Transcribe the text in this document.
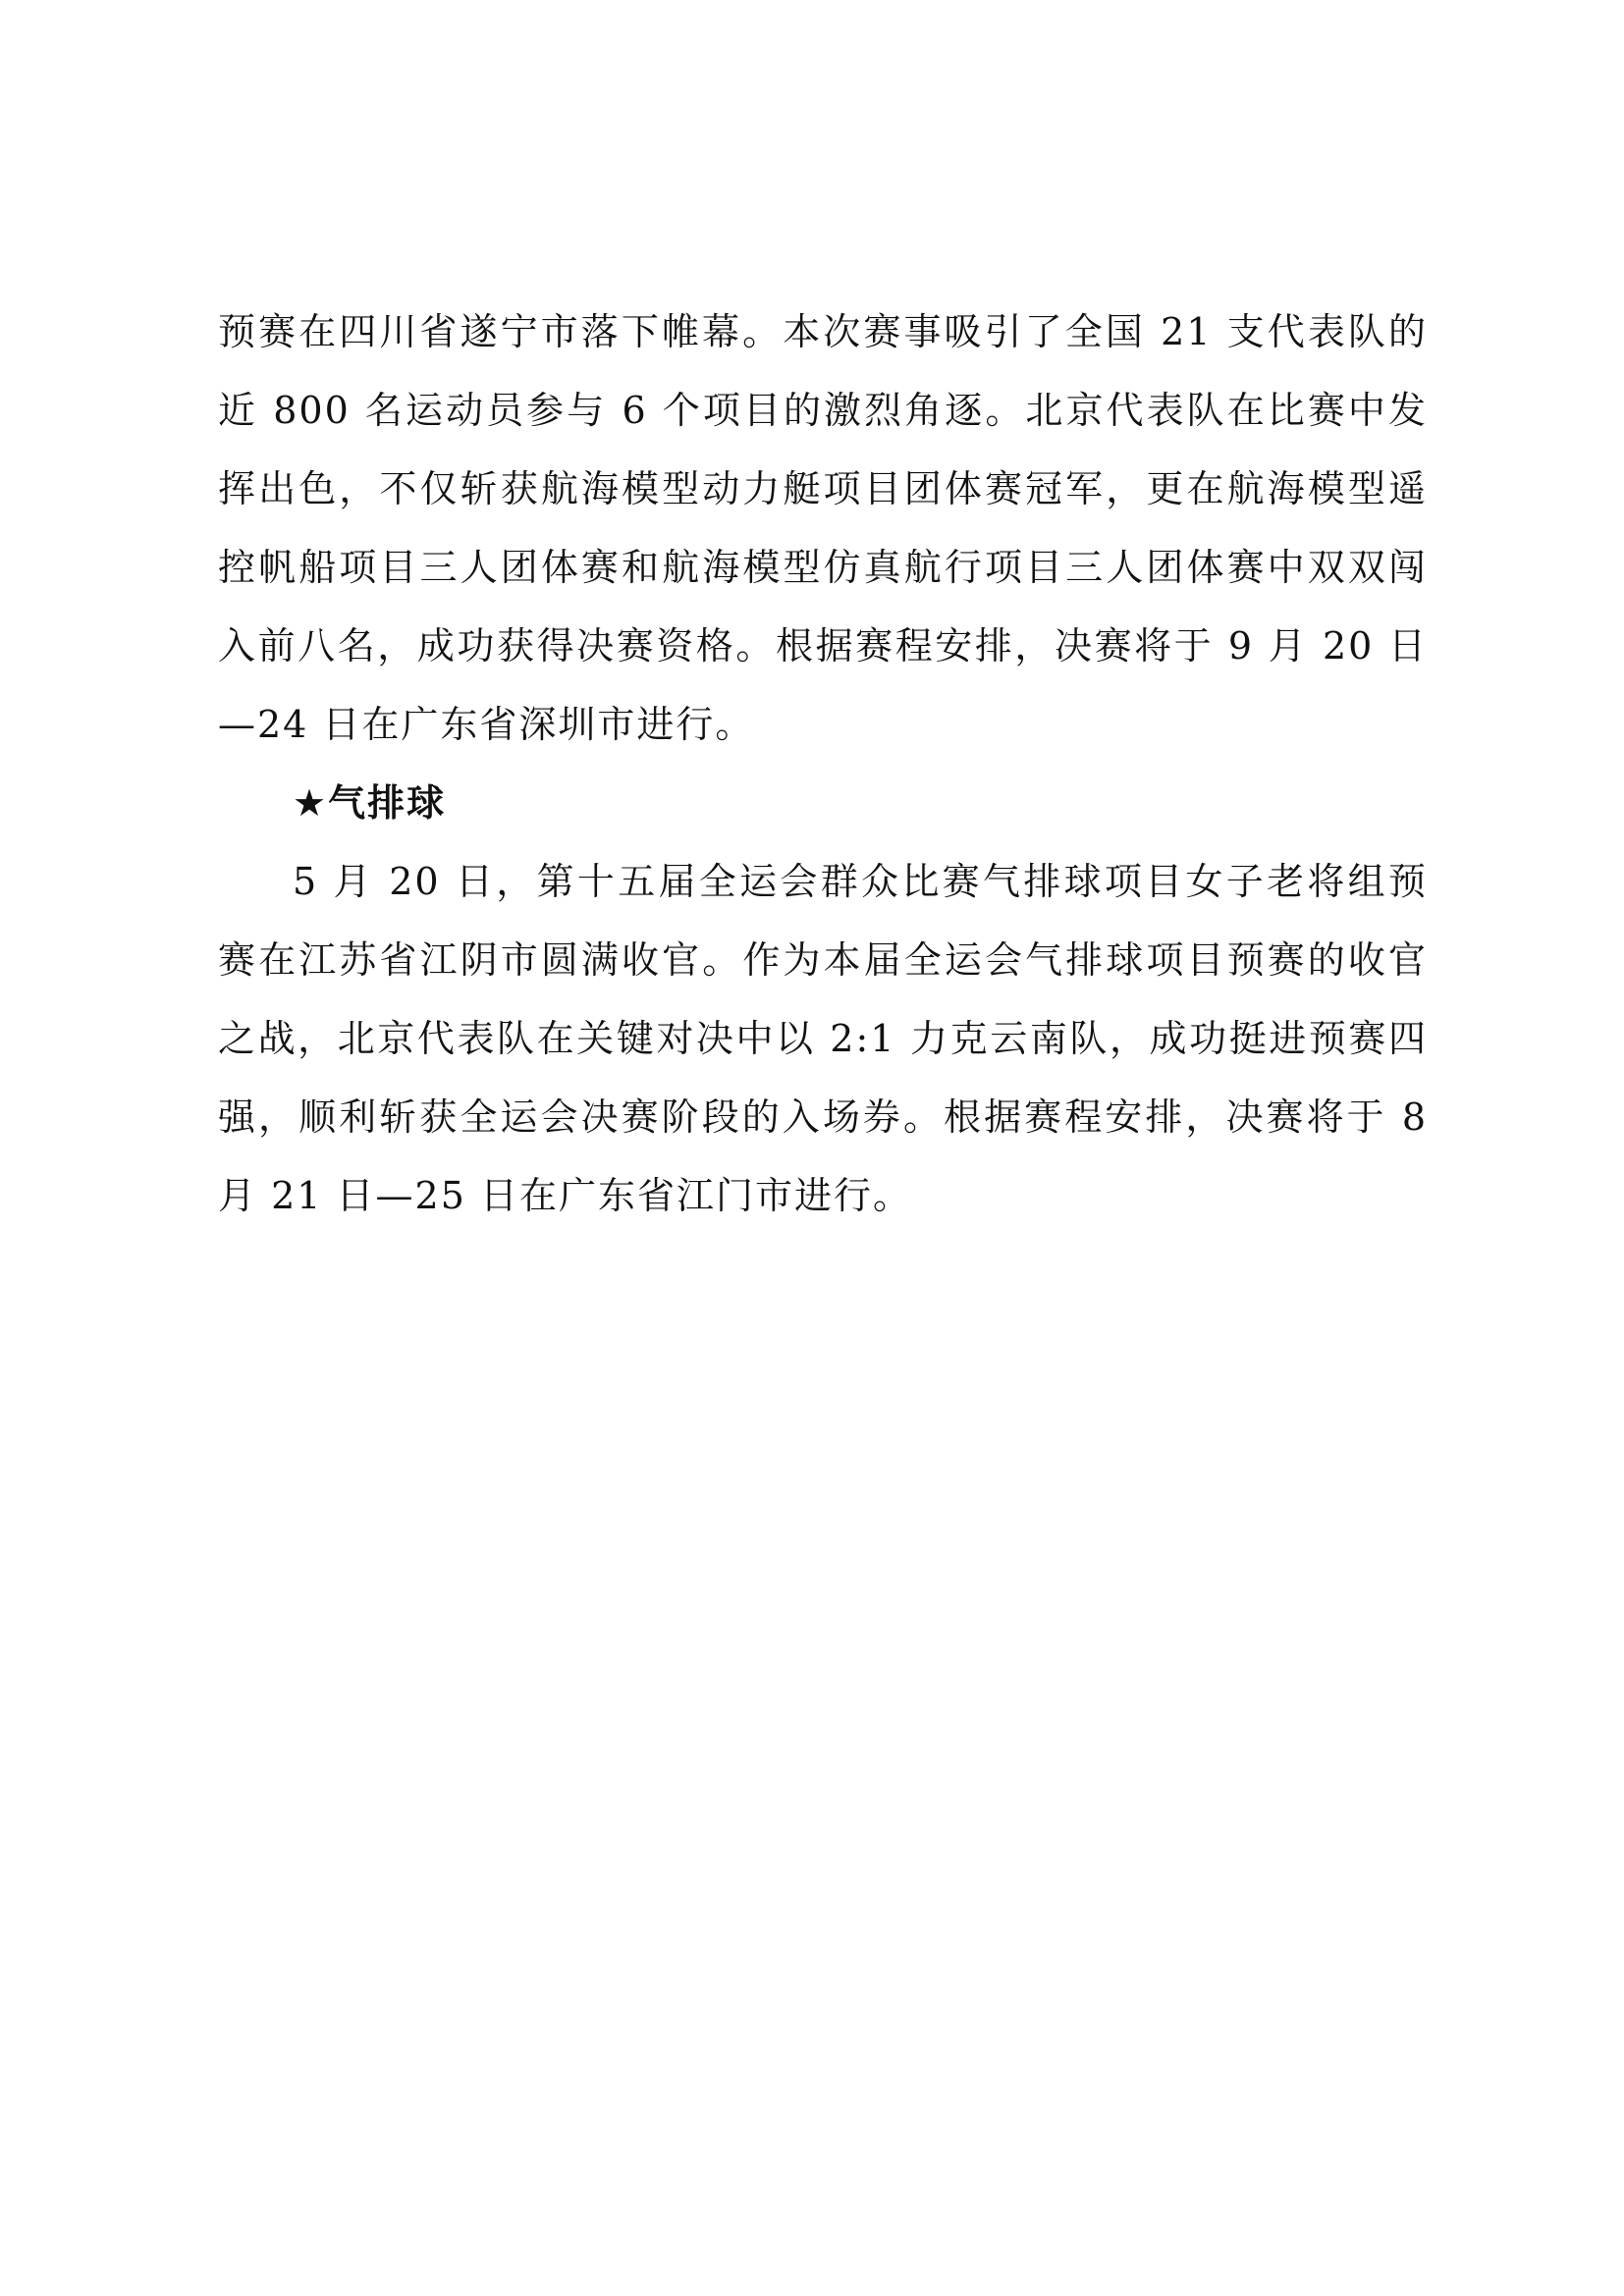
预赛在四川省遂宁市落下帷幕。本次赛事吸引了全国 21 支代表队的近 800 名运动员参与 6 个项目的激烈角逐。北京代表队在比赛中发挥出色，不仅斩获航海模型动力艇项目团体赛冠军，更在航海模型遥控帆船项目三人团体赛和航海模型仿真航行项目三人团体赛中双双闯入前八名，成功获得决赛资格。根据赛程安排，决赛将于 9 月 20 日—24 日在广东省深圳市进行。

★气排球

5 月 20 日，第十五届全运会群众比赛气排球项目女子老将组预赛在江苏省江阴市圆满收官。作为本届全运会气排球项目预赛的收官之战，北京代表队在关键对决中以 2:1 力克云南队，成功挺进预赛四强，顺利斩获全运会决赛阶段的入场券。根据赛程安排，决赛将于 8 月 21 日—25 日在广东省江门市进行。
